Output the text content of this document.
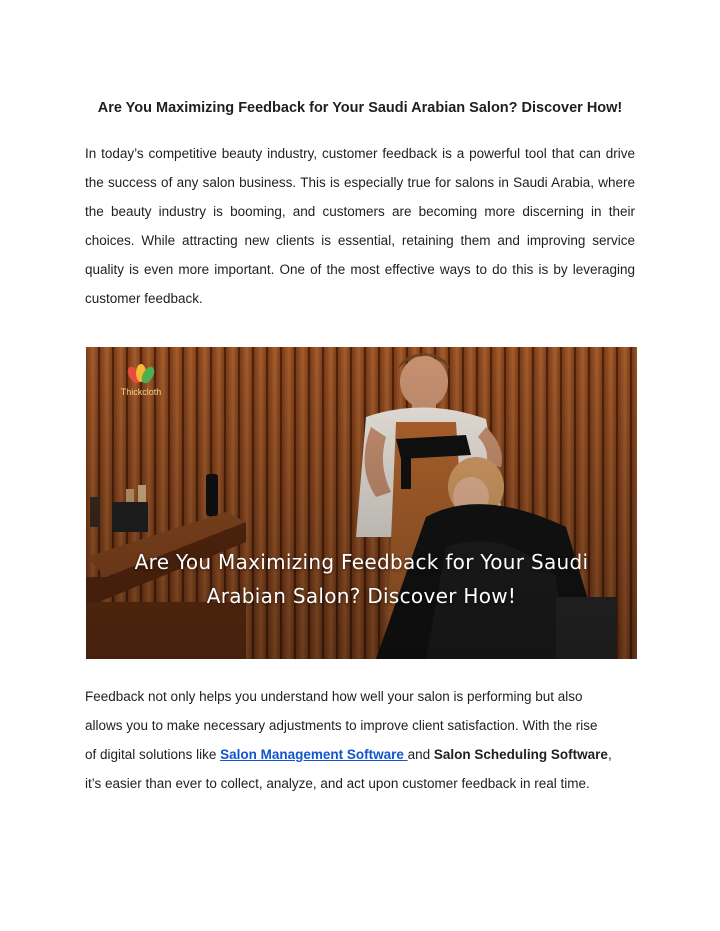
Are You Maximizing Feedback for Your Saudi Arabian Salon? Discover How!

In today’s competitive beauty industry, customer feedback is a powerful tool that can drive the success of any salon business. This is especially true for salons in Saudi Arabia, where the beauty industry is booming, and customers are becoming more discerning in their choices. While attracting new clients is essential, retaining them and improving service quality is even more important. One of the most effective ways to do this is by leveraging customer feedback.

Thickcloth
Are You Maximizing Feedback for Your Saudi
Arabian Salon? Discover How!

Feedback not only helps you understand how well your salon is performing but also
allows you to make necessary adjustments to improve client satisfaction. With the rise
of digital solutions like Salon Management Software and Salon Scheduling Software,
it’s easier than ever to collect, analyze, and act upon customer feedback in real time.
